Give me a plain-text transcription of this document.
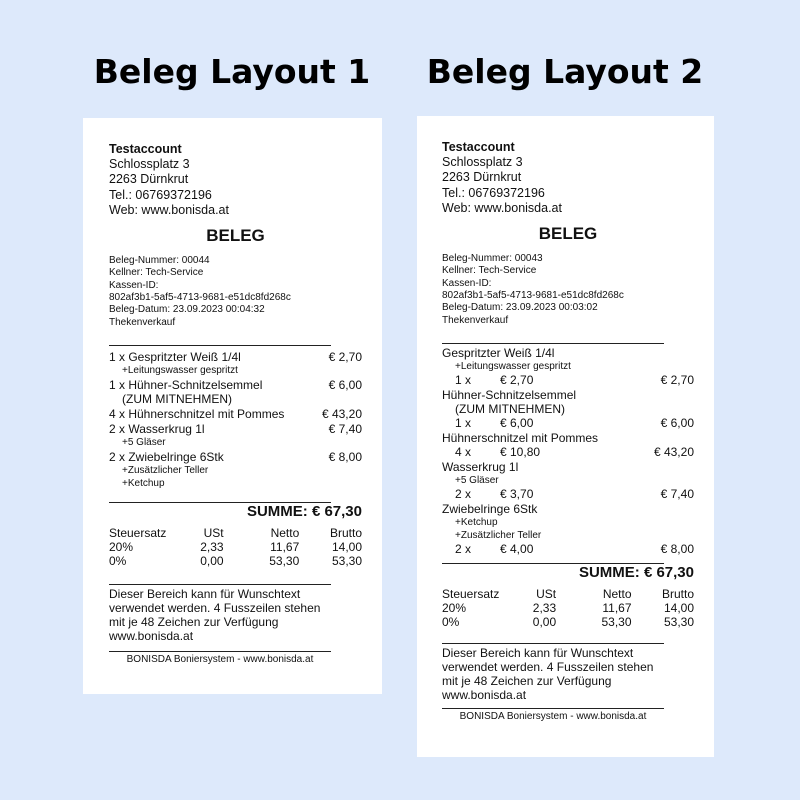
Beleg Layout 1	Beleg Layout 2
Testaccount
Schlossplatz 3
2263 Dürnkrut
Tel.: 06769372196
Web: www.bonisda.at
BELEG
Beleg-Nummer: 00044
Kellner: Tech-Service
Kassen-ID:
802af3b1-5af5-4713-9681-e51dc8fd268c
Beleg-Datum: 23.09.2023 00:04:32
Thekenverkauf
1 x Gespritzter Weiß 1/4l	€ 2,70
+Leitungswasser gespritzt
1 x Hühner-Schnitzelsemmel	€ 6,00
(ZUM MITNEHMEN)
4 x Hühnerschnitzel mit Pommes	€ 43,20
2 x Wasserkrug 1l	€ 7,40
+5 Gläser
2 x Zwiebelringe 6Stk	€ 8,00
+Zusätzlicher Teller
+Ketchup
SUMME: € 67,30
Steuersatz	USt	Netto	Brutto
20%	2,33	11,67	14,00
0%	0,00	53,30	53,30
Dieser Bereich kann für Wunschtext
verwendet werden. 4 Fusszeilen stehen
mit je 48 Zeichen zur Verfügung
www.bonisda.at
BONISDA Boniersystem - www.bonisda.at
Testaccount
Schlossplatz 3
2263 Dürnkrut
Tel.: 06769372196
Web: www.bonisda.at
BELEG
Beleg-Nummer: 00043
Kellner: Tech-Service
Kassen-ID:
802af3b1-5af5-4713-9681-e51dc8fd268c
Beleg-Datum: 23.09.2023 00:03:02
Thekenverkauf
Gespritzter Weiß 1/4l
+Leitungswasser gespritzt
1 x	€ 2,70	€ 2,70
Hühner-Schnitzelsemmel
(ZUM MITNEHMEN)
1 x	€ 6,00	€ 6,00
Hühnerschnitzel mit Pommes
4 x	€ 10,80	€ 43,20
Wasserkrug 1l
+5 Gläser
2 x	€ 3,70	€ 7,40
Zwiebelringe 6Stk
+Ketchup
+Zusätzlicher Teller
2 x	€ 4,00	€ 8,00
SUMME: € 67,30
Steuersatz	USt	Netto	Brutto
20%	2,33	11,67	14,00
0%	0,00	53,30	53,30
Dieser Bereich kann für Wunschtext
verwendet werden. 4 Fusszeilen stehen
mit je 48 Zeichen zur Verfügung
www.bonisda.at
BONISDA Boniersystem - www.bonisda.at
